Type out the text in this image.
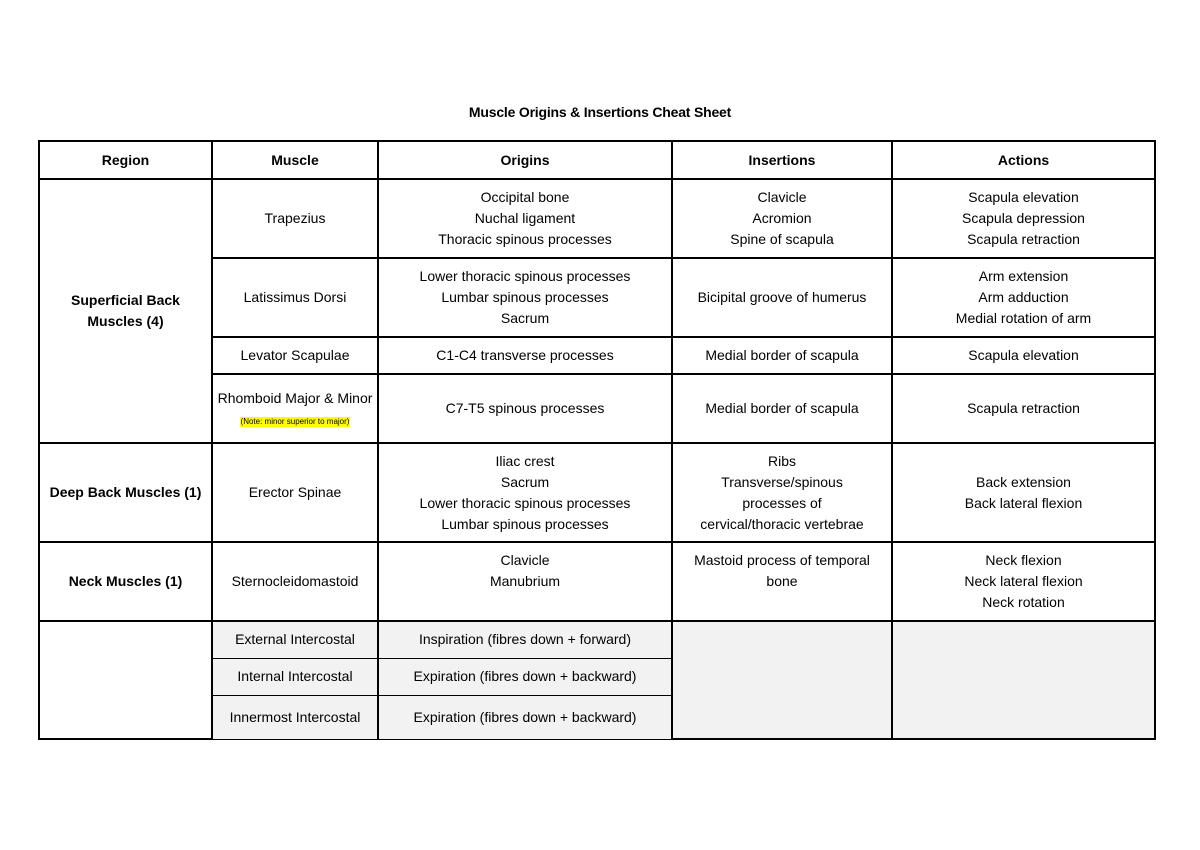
Muscle Origins & Insertions Cheat Sheet
Region	Muscle	Origins	Insertions	Actions
Superficial Back Muscles (4)	Trapezius	Occipital bone
Nuchal ligament
Thoracic spinous processes	Clavicle
Acromion
Spine of scapula	Scapula elevation
Scapula depression
Scapula retraction

	Latissimus Dorsi	Lower thoracic spinous processes
Lumbar spinous processes
Sacrum	Bicipital groove of humerus	Arm extension
Arm adduction
Medial rotation of arm

	Levator Scapulae	C1-C4 transverse processes	Medial border of scapula	Scapula elevation

	Rhomboid Major & Minor
(Note: minor superior to major)	C7-T5 spinous processes	Medial border of scapula	Scapula retraction

Deep Back Muscles (1)	Erector Spinae	Iliac crest
Sacrum
Lower thoracic spinous processes
Lumbar spinous processes	Ribs
Transverse/spinous
processes of
cervical/thoracic vertebrae	Back extension
Back lateral flexion

Neck Muscles (1)	Sternocleidomastoid	Clavicle
Manubrium	Mastoid process of temporal
bone	Neck flexion
Neck lateral flexion
Neck rotation

	External Intercostal	Inspiration (fibres down + forward)		
	Internal Intercostal	Expiration (fibres down + backward)		
	Innermost Intercostal	Expiration (fibres down + backward)		
